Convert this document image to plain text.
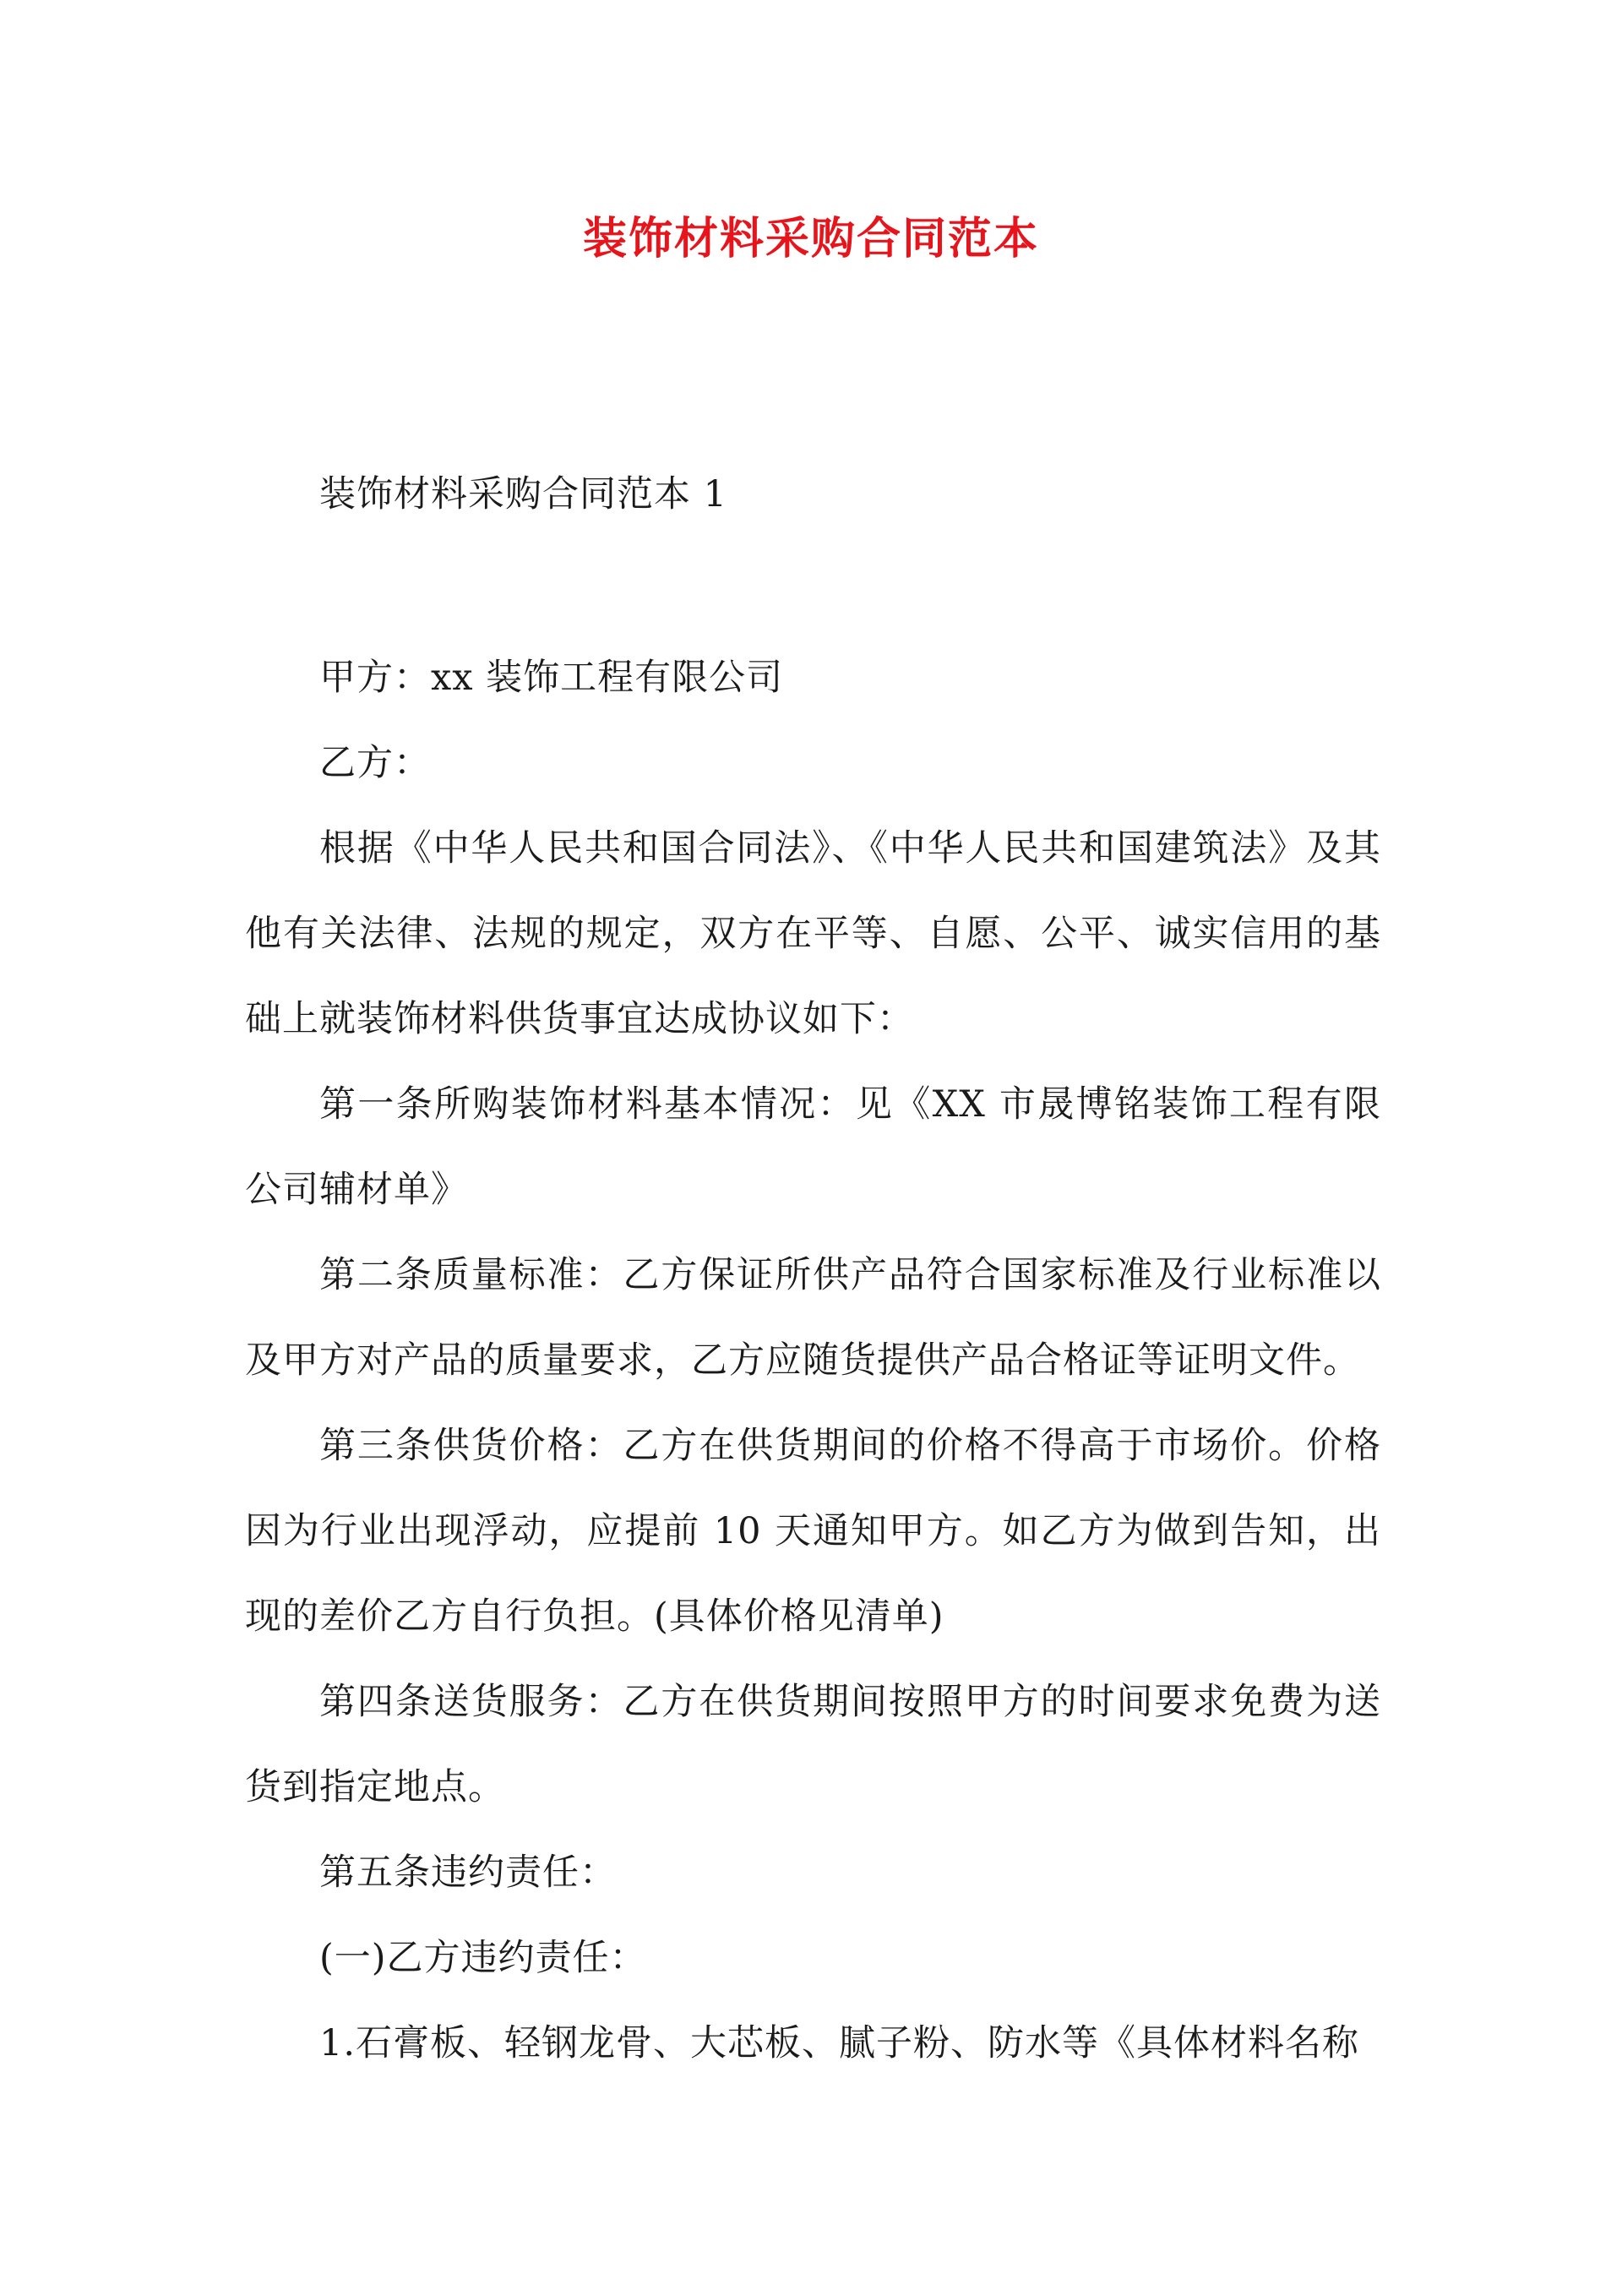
装饰材料采购合同范本
装饰材料采购合同范本 1

甲方：xx 装饰工程有限公司

乙方：

根据《中华人民共和国合同法》、《中华人民共和国建筑法》及其他有关法律、法规的规定，双方在平等、自愿、公平、诚实信用的基础上就装饰材料供货事宜达成协议如下：

第一条所购装饰材料基本情况：见《XX 市晟博铭装饰工程有限公司辅材单》

第二条质量标准：乙方保证所供产品符合国家标准及行业标准以及甲方对产品的质量要求，乙方应随货提供产品合格证等证明文件。

第三条供货价格：乙方在供货期间的价格不得高于市场价。价格因为行业出现浮动，应提前 10 天通知甲方。如乙方为做到告知，出现的差价乙方自行负担。(具体价格见清单)

第四条送货服务：乙方在供货期间按照甲方的时间要求免费为送货到指定地点。

第五条违约责任：

(一)乙方违约责任：

1.石膏板、轻钢龙骨、大芯板、腻子粉、防水等《具体材料名称
